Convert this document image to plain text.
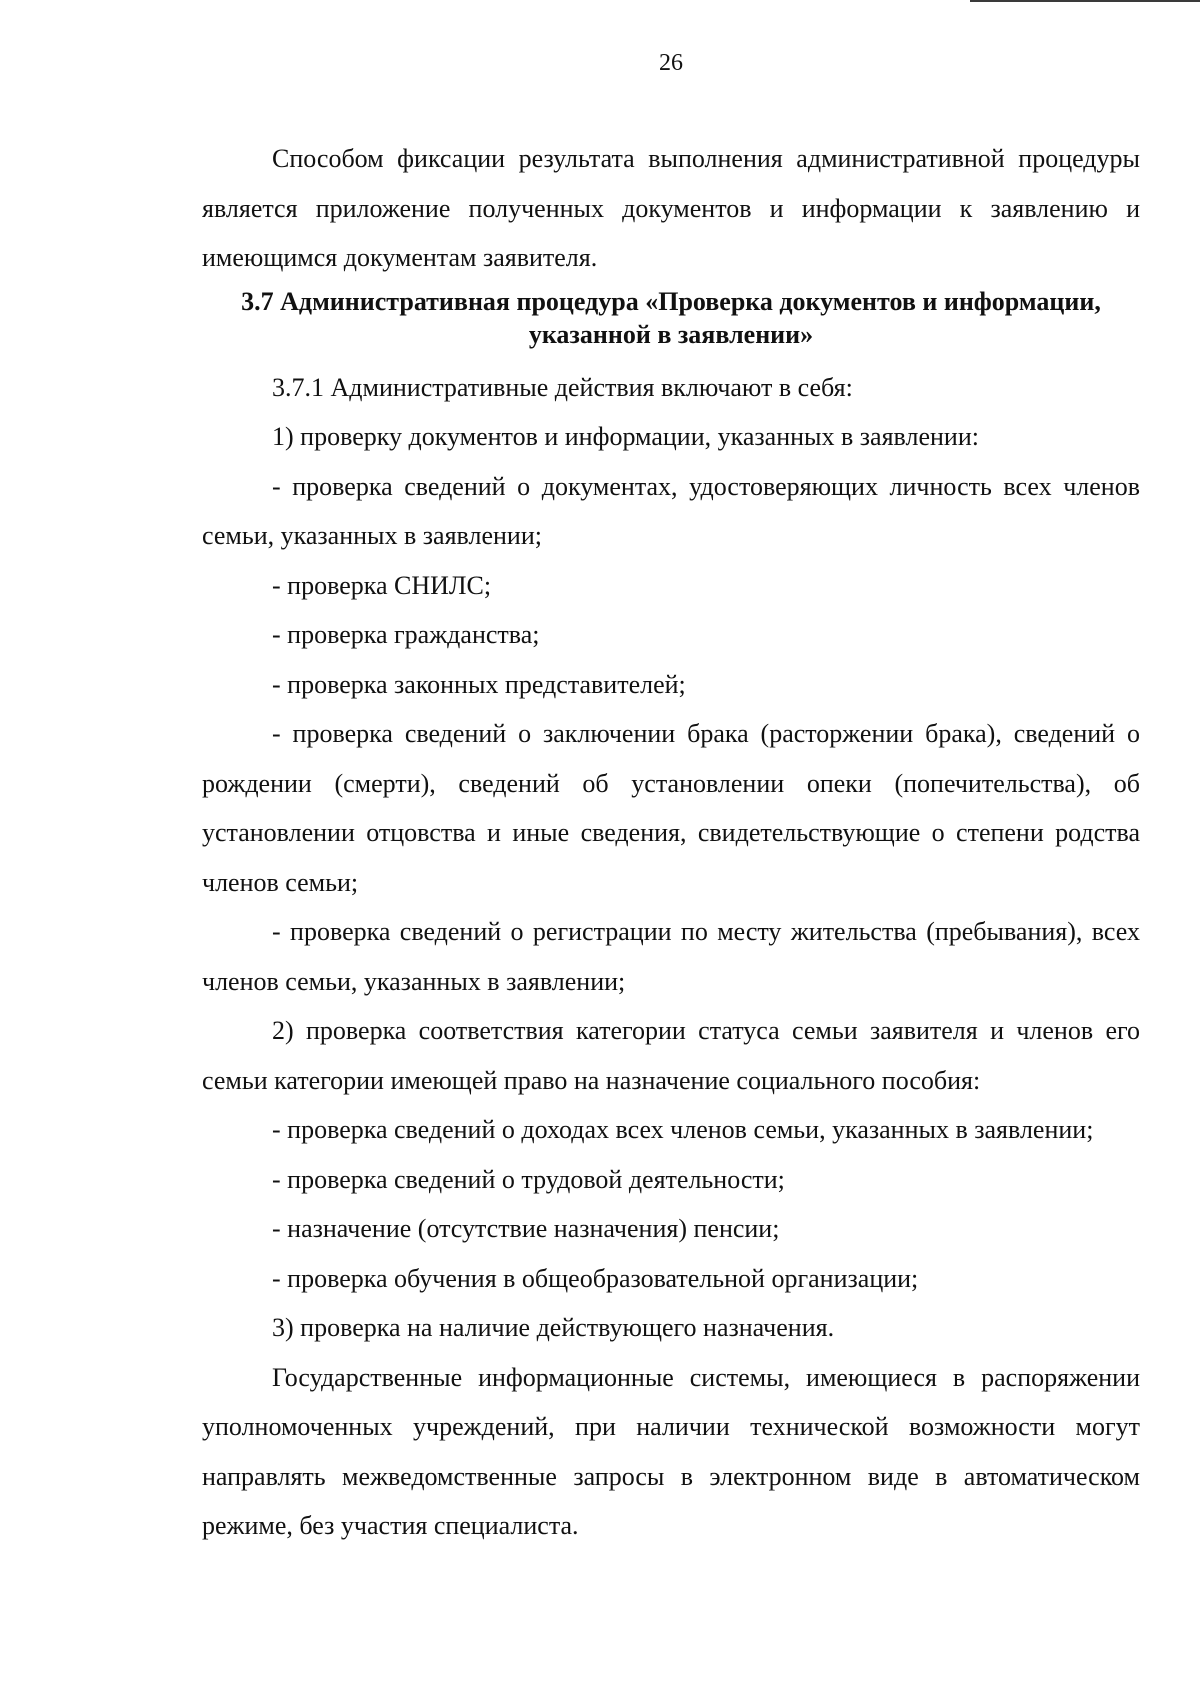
26

Способом фиксации результата выполнения административной процедуры является приложение полученных документов и информации к заявлению и имеющимся документам заявителя.

3.7 Административная процедура «Проверка документов и информации,
указанной в заявлении»

3.7.1 Административные действия включают в себя:

1) проверку документов и информации, указанных в заявлении:

- проверка сведений о документах, удостоверяющих личность всех членов семьи, указанных в заявлении;

- проверка СНИЛС;

- проверка гражданства;

- проверка законных представителей;

- проверка сведений о заключении брака (расторжении брака), сведений о рождении (смерти), сведений об установлении опеки (попечительства), об установлении отцовства и иные сведения, свидетельствующие о степени родства членов семьи;

- проверка сведений о регистрации по месту жительства (пребывания), всех членов семьи, указанных в заявлении;

2) проверка соответствия категории статуса семьи заявителя и членов его семьи категории имеющей право на назначение социального пособия:

- проверка сведений о доходах всех членов семьи, указанных в заявлении;

- проверка сведений о трудовой деятельности;

- назначение (отсутствие назначения) пенсии;

- проверка обучения в общеобразовательной организации;

3) проверка на наличие действующего назначения.

Государственные информационные системы, имеющиеся в распоряжении уполномоченных учреждений, при наличии технической возможности могут направлять межведомственные запросы в электронном виде в автоматическом режиме, без участия специалиста.
